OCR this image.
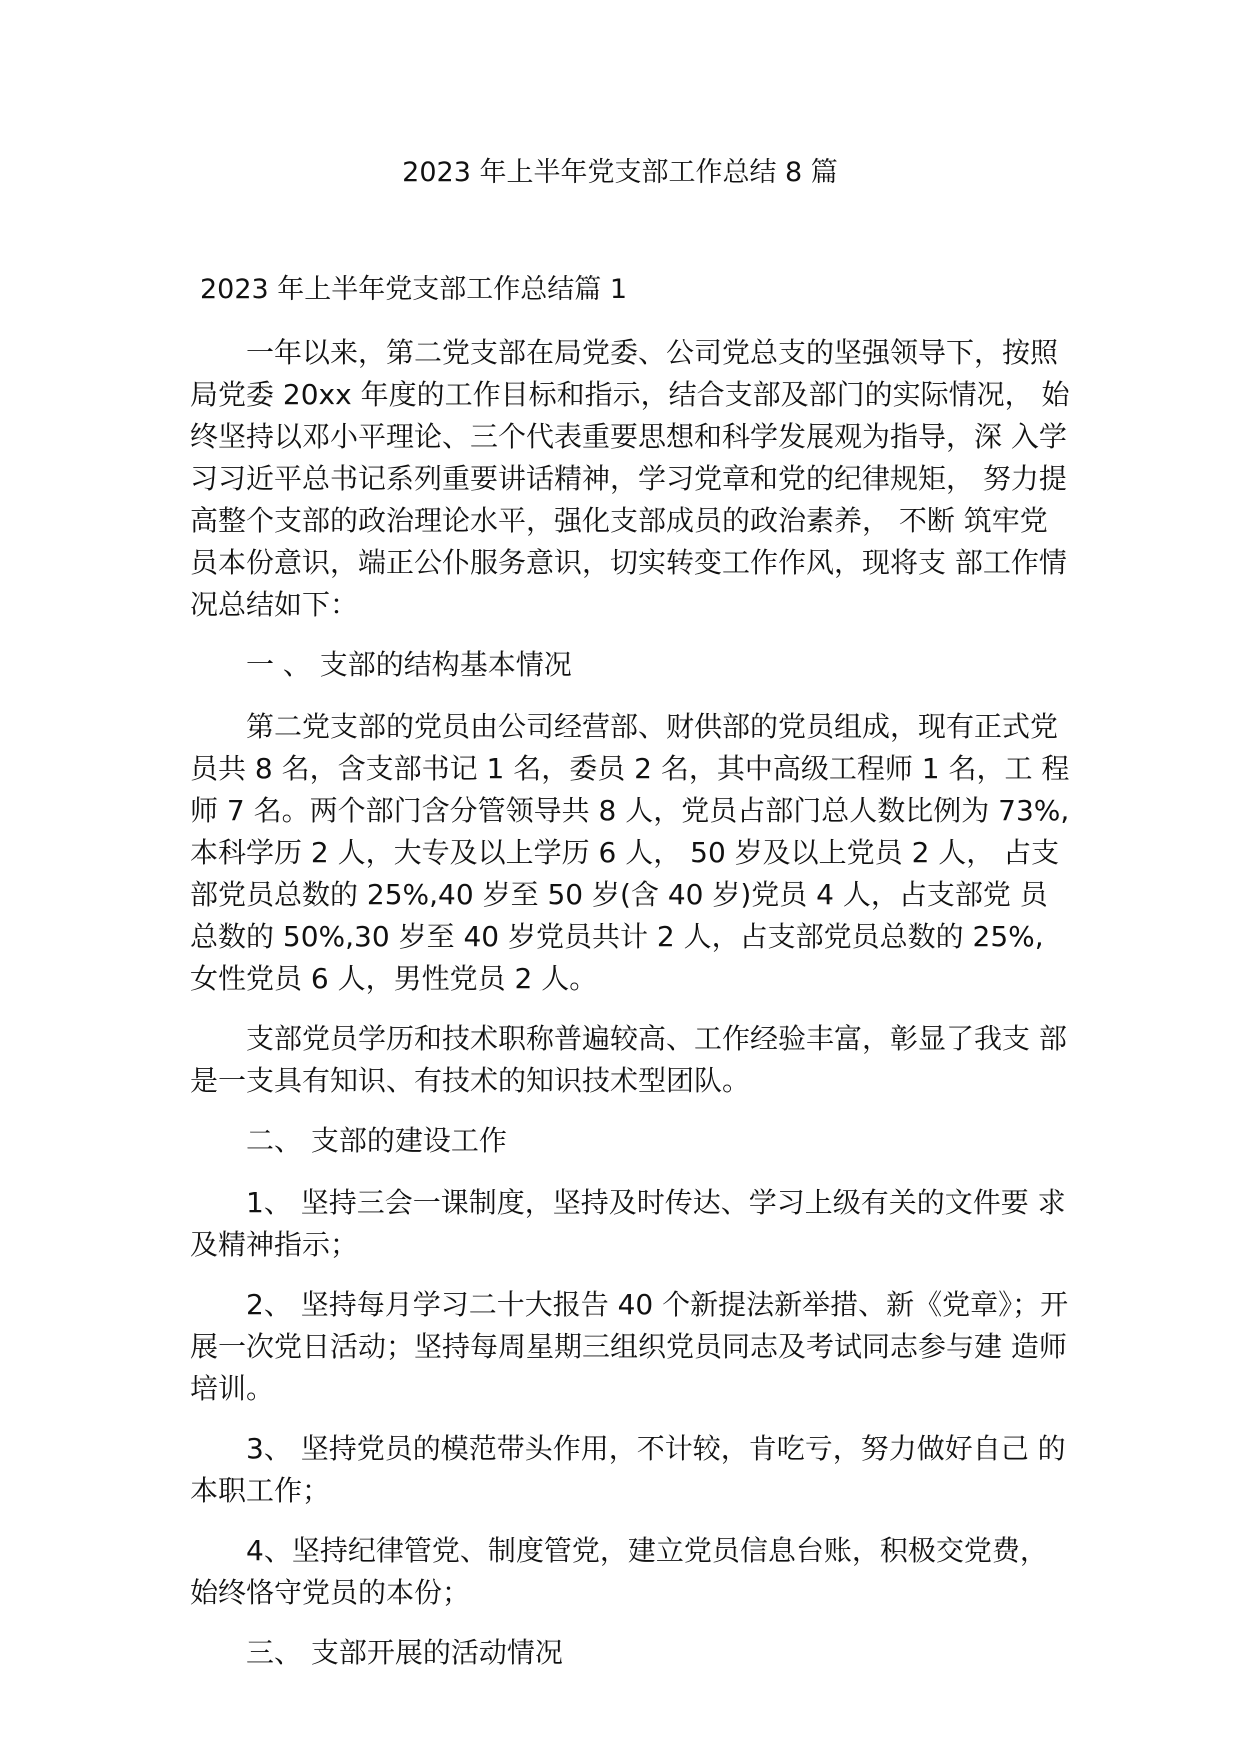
2023 年上半年党支部工作总结 8 篇
2023 年上半年党支部工作总结篇 1

一年以来，第二党支部在局党委、公司党总支的坚强领导下，按照局党委 20xx 年度的工作目标和指示，结合支部及部门的实际情况， 始终坚持以邓小平理论、三个代表重要思想和科学发展观为指导，深 入学习习近平总书记系列重要讲话精神，学习党章和党的纪律规矩， 努力提高整个支部的政治理论水平，强化支部成员的政治素养， 不断 筑牢党员本份意识，端正公仆服务意识，切实转变工作作风，现将支 部工作情况总结如下：

一 、 支部的结构基本情况

第二党支部的党员由公司经营部、财供部的党员组成，现有正式党员共 8 名，含支部书记 1 名，委员 2 名，其中高级工程师 1 名，工 程师 7 名。两个部门含分管领导共 8 人，党员占部门总人数比例为 73%,本科学历 2 人，大专及以上学历 6 人， 50 岁及以上党员 2 人， 占支部党员总数的 25%,40 岁至 50 岁(含 40 岁)党员 4 人，占支部党 员总数的 50%,30 岁至 40 岁党员共计 2 人，占支部党员总数的 25%, 女性党员 6 人，男性党员 2 人。

支部党员学历和技术职称普遍较高、工作经验丰富，彰显了我支 部是一支具有知识、有技术的知识技术型团队。

二、 支部的建设工作

1、 坚持三会一课制度，坚持及时传达、学习上级有关的文件要 求及精神指示；

2、 坚持每月学习二十大报告 40 个新提法新举措、新《党章》；开展一次党日活动；坚持每周星期三组织党员同志及考试同志参与建 造师培训。

3、 坚持党员的模范带头作用，不计较，肯吃亏，努力做好自己 的本职工作；

4、坚持纪律管党、制度管党，建立党员信息台账，积极交党费， 始终恪守党员的本份；

三、 支部开展的活动情况
